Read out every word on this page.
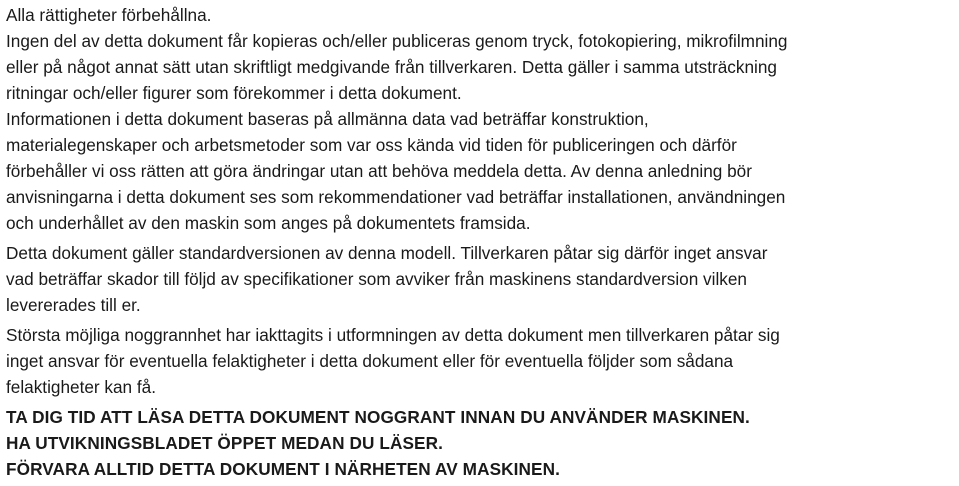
Alla rättigheter förbehållna.

Ingen del av detta dokument får kopieras och/eller publiceras genom tryck, fotokopiering, mikrofilmning

eller på något annat sätt utan skriftligt medgivande från tillverkaren. Detta gäller i samma utsträckning

ritningar och/eller figurer som förekommer i detta dokument.

Informationen i detta dokument baseras på allmänna data vad beträffar konstruktion,

materialegenskaper och arbetsmetoder som var oss kända vid tiden för publiceringen och därför

förbehåller vi oss rätten att göra ändringar utan att behöva meddela detta. Av denna anledning bör

anvisningarna i detta dokument ses som rekommendationer vad beträffar installationen, användningen

och underhållet av den maskin som anges på dokumentets framsida.

Detta dokument gäller standardversionen av denna modell. Tillverkaren påtar sig därför inget ansvar

vad beträffar skador till följd av specifikationer som avviker från maskinens standardversion vilken

levererades till er.

Största möjliga noggrannhet har iakttagits i utformningen av detta dokument men tillverkaren påtar sig

inget ansvar för eventuella felaktigheter i detta dokument eller för eventuella följder som sådana

felaktigheter kan få.

TA DIG TID ATT LÄSA DETTA DOKUMENT NOGGRANT INNAN DU ANVÄNDER MASKINEN.

HA UTVIKNINGSBLADET ÖPPET MEDAN DU LÄSER.

FÖRVARA ALLTID DETTA DOKUMENT I NÄRHETEN AV MASKINEN.
